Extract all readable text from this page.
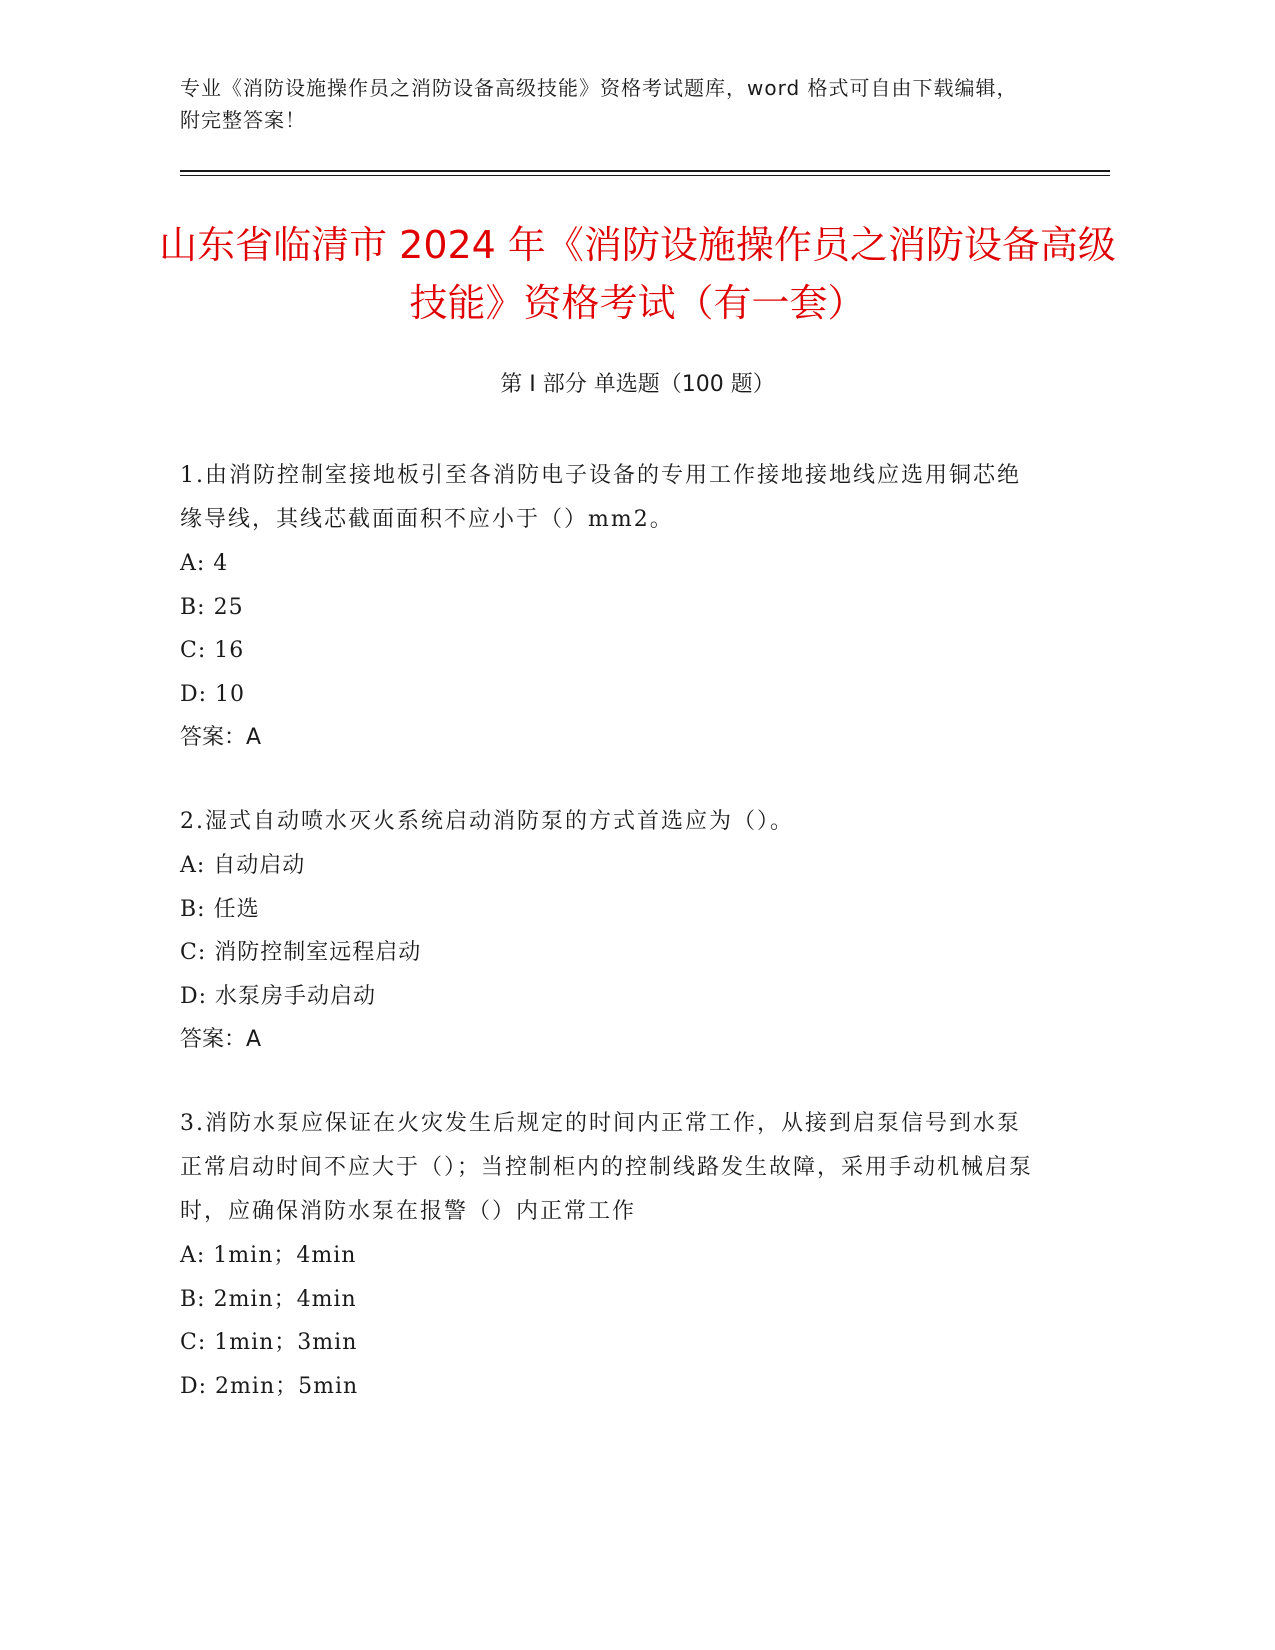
专业《消防设施操作员之消防设备高级技能》资格考试题库，word 格式可自由下载编辑，附完整答案！
山东省临清市 2024 年《消防设施操作员之消防设备高级技能》资格考试（有一套）
第 I 部分 单选题（100 题）
1.由消防控制室接地板引至各消防电子设备的专用工作接地接地线应选用铜芯绝缘导线，其线芯截面面积不应小于（）mm2。
A: 4
B: 25
C: 16
D: 10
答案：A
2.湿式自动喷水灭火系统启动消防泵的方式首选应为（）。
A: 自动启动
B: 任选
C: 消防控制室远程启动
D: 水泵房手动启动
答案：A
3.消防水泵应保证在火灾发生后规定的时间内正常工作，从接到启泵信号到水泵正常启动时间不应大于（）；当控制柜内的控制线路发生故障，采用手动机械启泵时，应确保消防水泵在报警（）内正常工作
A: 1min；4min
B: 2min；4min
C: 1min；3min
D: 2min；5min
